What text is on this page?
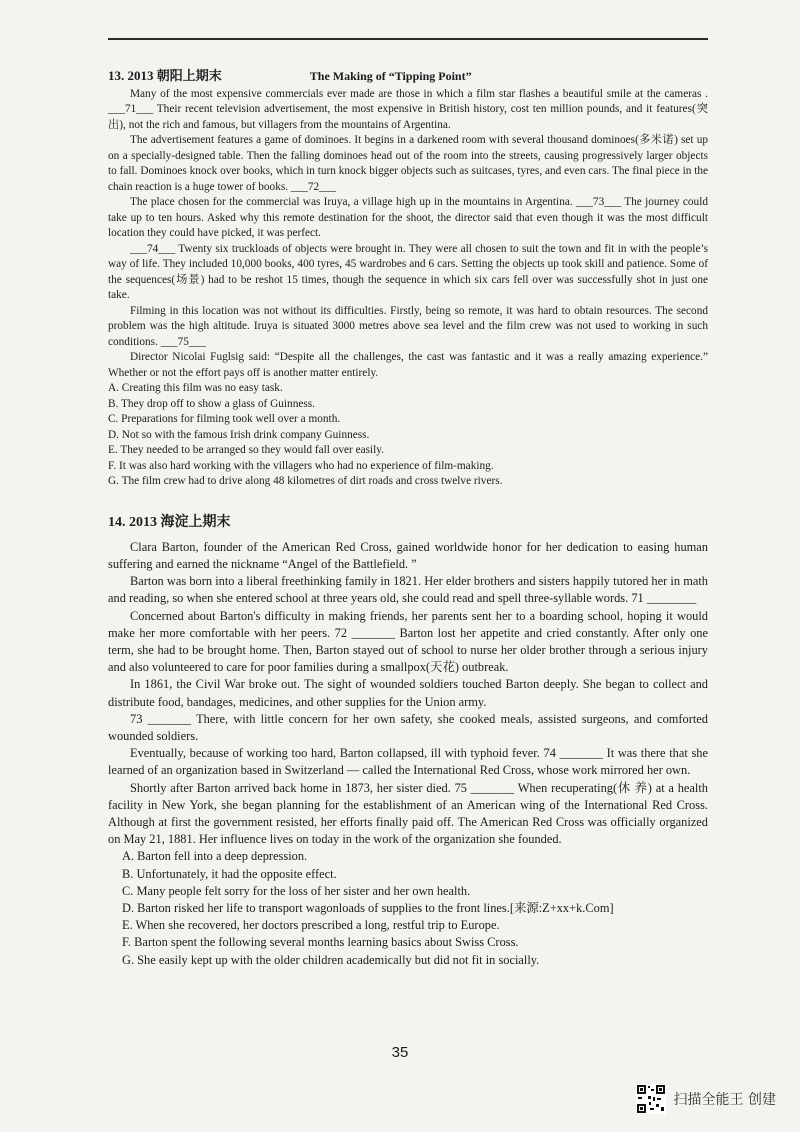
13. 2013 朝阳上期末	The Making of “Tipping Point”

Many of the most expensive commercials ever made are those in which a film star flashes a beautiful smile at the cameras . ___71___ Their recent television advertisement, the most expensive in British history, cost ten million pounds, and it features(突出), not the rich and famous, but villagers from the mountains of Argentina.

The advertisement features a game of dominoes. It begins in a darkened room with several thousand dominoes(多米诺) set up on a specially-designed table. Then the falling dominoes head out of the room into the streets, causing progressively larger objects to fall. Dominoes knock over books, which in turn knock bigger objects such as suitcases, tyres, and even cars. The final piece in the chain reaction is a huge tower of books. ___72___

The place chosen for the commercial was Iruya, a village high up in the mountains in Argentina. ___73___ The journey could take up to ten hours. Asked why this remote destination for the shoot, the director said that even though it was the most difficult location they could have picked, it was perfect.

___74___ Twenty six truckloads of objects were brought in. They were all chosen to suit the town and fit in with the people’s way of life. They included 10,000 books, 400 tyres, 45 wardrobes and 6 cars. Setting the objects up took skill and patience. Some of the sequences(场景) had to be reshot 15 times, though the sequence in which six cars fell over was successfully shot in just one take.

Filming in this location was not without its difficulties. Firstly, being so remote, it was hard to obtain resources. The second problem was the high altitude. Iruya is situated 3000 metres above sea level and the film crew was not used to working in such conditions. ___75___

Director Nicolai Fuglsig said: “Despite all the challenges, the cast was fantastic and it was a really amazing experience.” Whether or not the effort pays off is another matter entirely.

A. Creating this film was no easy task.

B. They drop off to show a glass of Guinness.

C. Preparations for filming took well over a month.

D. Not so with the famous Irish drink company Guinness.

E. They needed to be arranged so they would fall over easily.

F. It was also hard working with the villagers who had no experience of film-making.

G. The film crew had to drive along 48 kilometres of dirt roads and cross twelve rivers.

14. 2013 海淀上期末

Clara Barton, founder of the American Red Cross, gained worldwide honor for her dedication to easing human suffering and earned the nickname “Angel of the Battlefield. ”

Barton was born into a liberal freethinking family in 1821. Her elder brothers and sisters happily tutored her in math and reading, so when she entered school at three years old, she could read and spell three-syllable words. 71 ________

Concerned about Barton's difficulty in making friends, her parents sent her to a boarding school, hoping it would make her more comfortable with her peers. 72 _______ Barton lost her appetite and cried constantly. After only one term, she had to be brought home. Then, Barton stayed out of school to nurse her older brother through a serious injury and also volunteered to care for poor families during a smallpox(天花) outbreak.

In 1861, the Civil War broke out. The sight of wounded soldiers touched Barton deeply. She began to collect and distribute food, bandages, medicines, and other supplies for the Union army.

73 _______ There, with little concern for her own safety, she cooked meals, assisted surgeons, and comforted wounded soldiers.

Eventually, because of working too hard, Barton collapsed, ill with typhoid fever. 74 _______ It was there that she learned of an organization based in Switzerland — called the International Red Cross, whose work mirrored her own.

Shortly after Barton arrived back home in 1873, her sister died. 75 _______ When recuperating(休 养) at a health facility in New York, she began planning for the establishment of an American wing of the International Red Cross. Although at first the government resisted, her efforts finally paid off. The American Red Cross was officially organized on May 21, 1881. Her influence lives on today in the work of the organization she founded.

A. Barton fell into a deep depression.

B. Unfortunately, it had the opposite effect.

C. Many people felt sorry for the loss of her sister and her own health.

D. Barton risked her life to transport wagonloads of supplies to the front lines.[来源:Z+xx+k.Com]

E. When she recovered, her doctors prescribed a long, restful trip to Europe.

F. Barton spent the following several months learning basics about Swiss Cross.

G. She easily kept up with the older children academically but did not fit in socially.

35
扫描全能王 创建
